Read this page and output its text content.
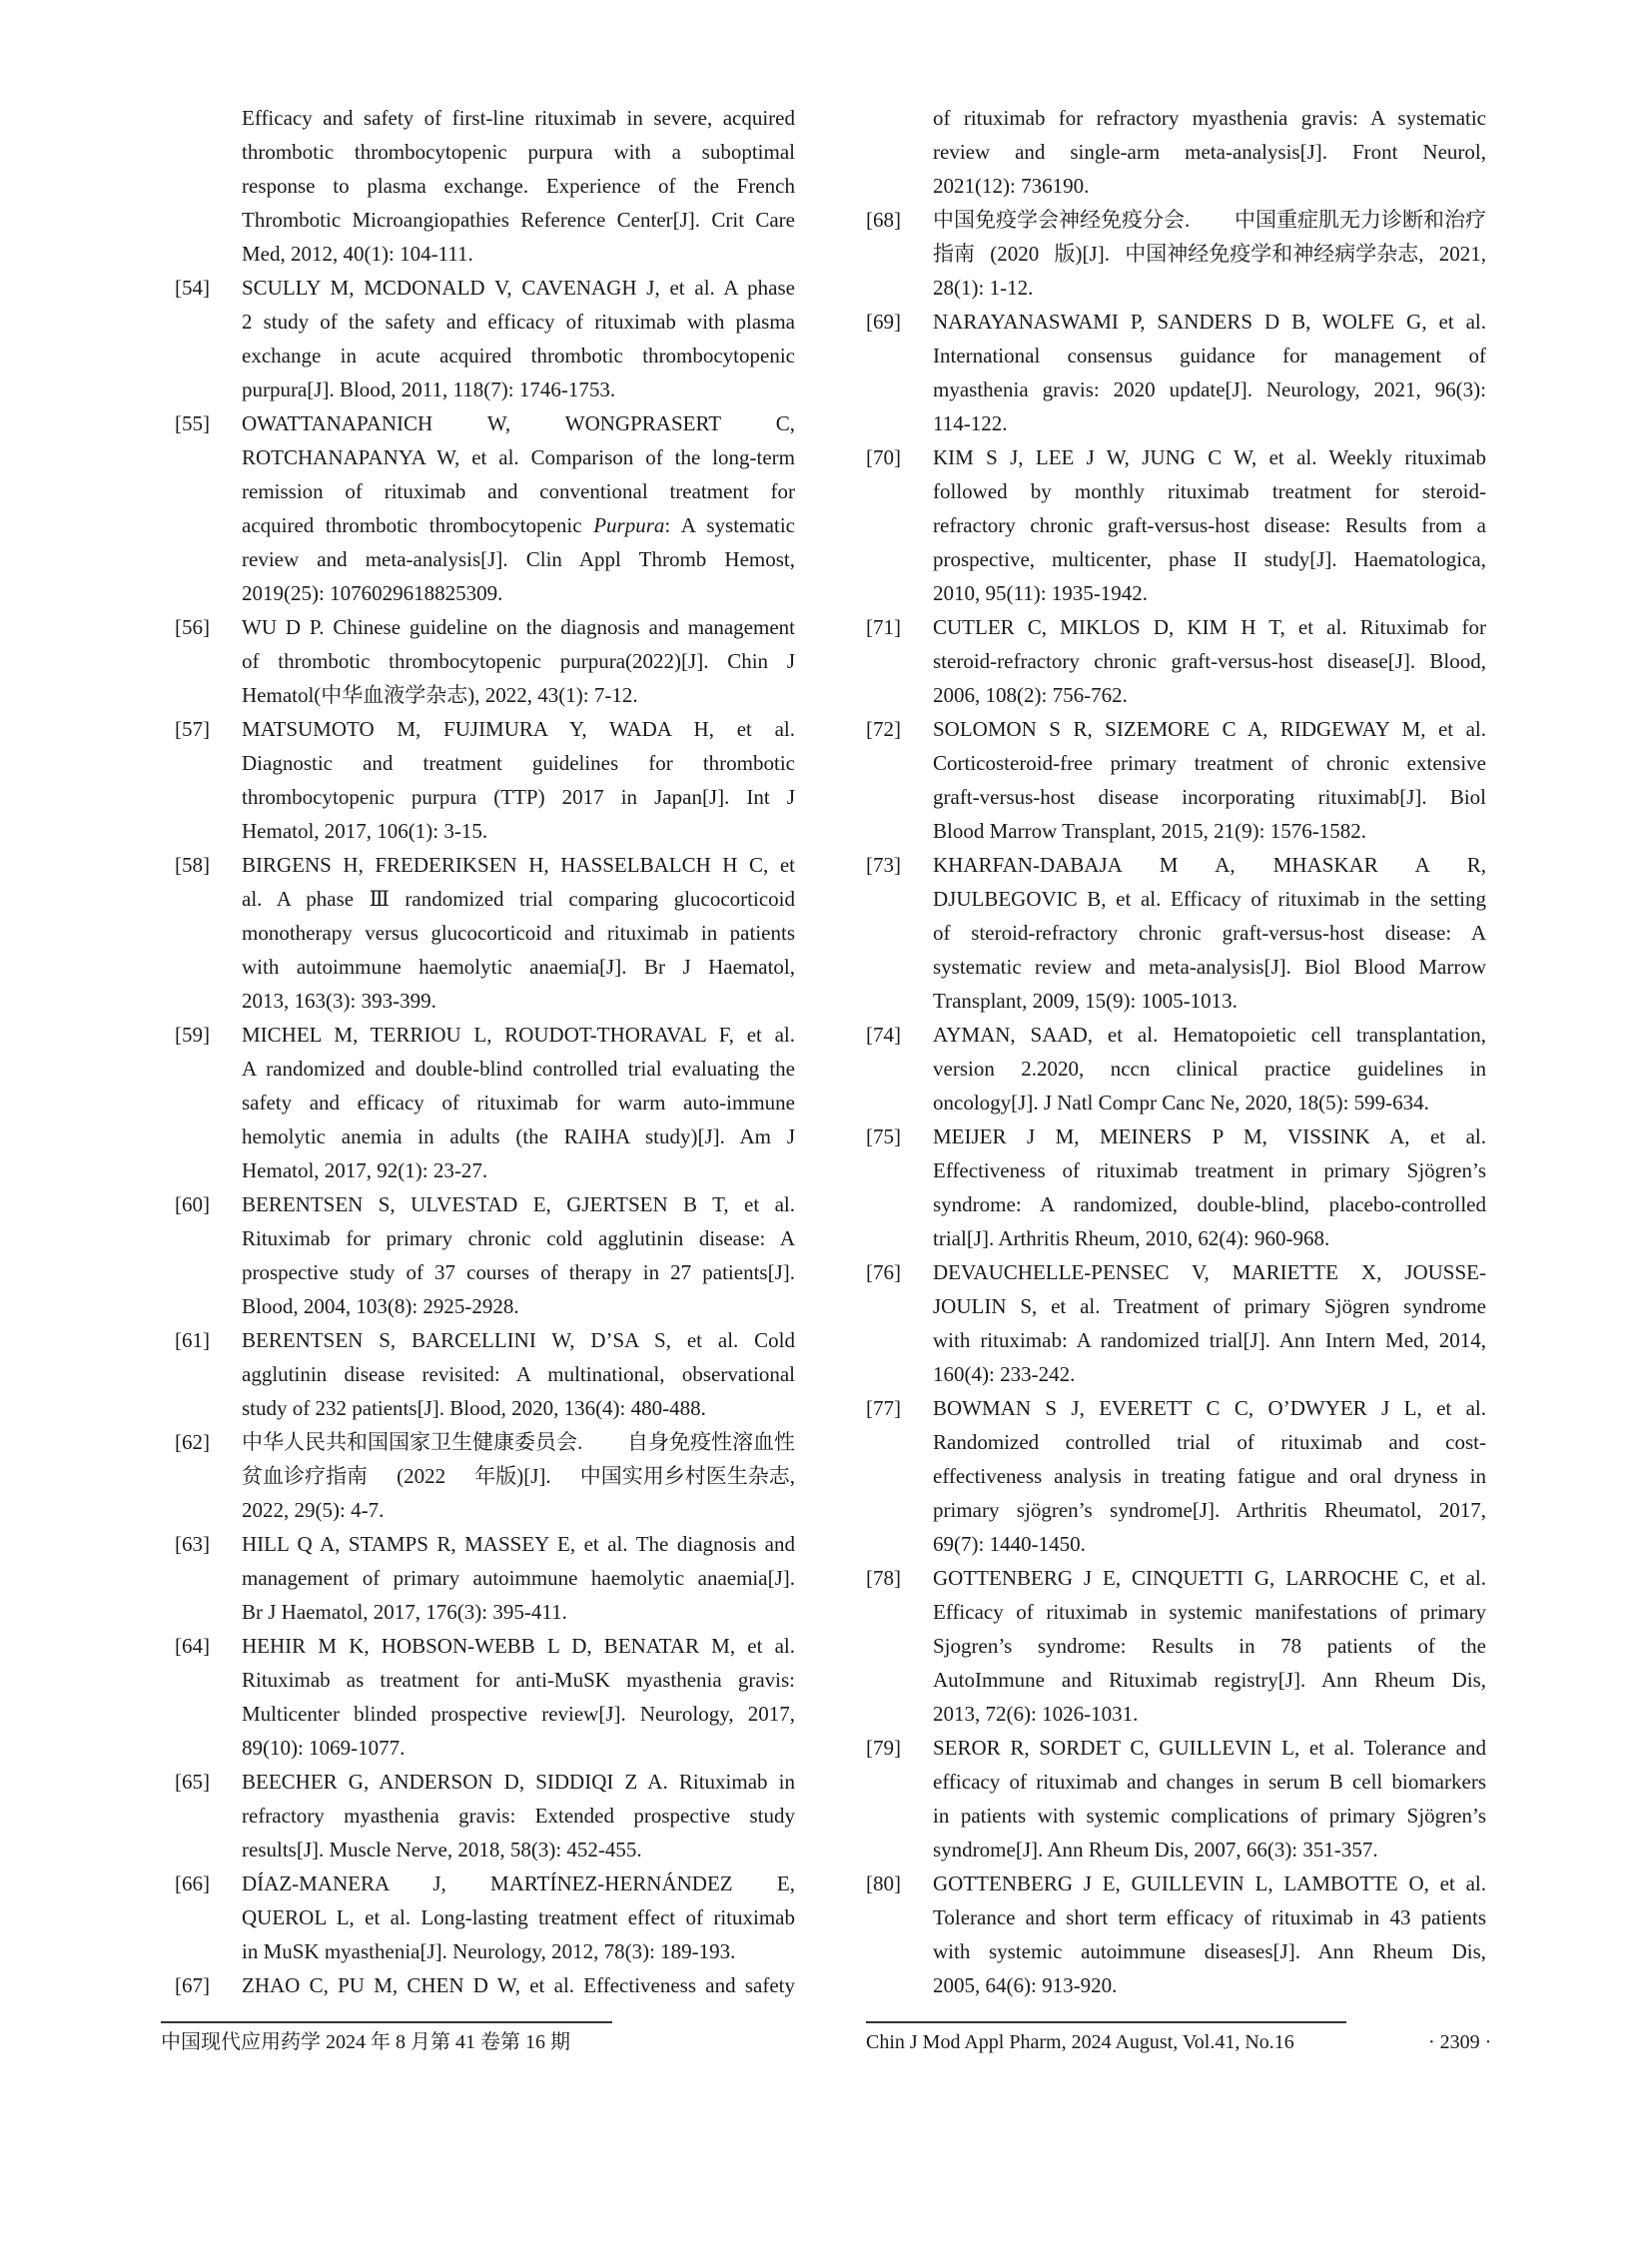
Efficacy and safety of first-line rituximab in severe, acquired
thrombotic thrombocytopenic purpura with a suboptimal
response to plasma exchange. Experience of the French
Thrombotic Microangiopathies Reference Center[J]. Crit Care
Med, 2012, 40(1): 104-111.
[54] SCULLY M, MCDONALD V, CAVENAGH J, et al. A phase
2 study of the safety and efficacy of rituximab with plasma
exchange in acute acquired thrombotic thrombocytopenic
purpura[J]. Blood, 2011, 118(7): 1746-1753.
[55] OWATTANAPANICH W, WONGPRASERT C,
ROTCHANAPANYA W, et al. Comparison of the long-term
remission of rituximab and conventional treatment for
acquired thrombotic thrombocytopenic Purpura: A systematic
review and meta-analysis[J]. Clin Appl Thromb Hemost,
2019(25): 1076029618825309.
[56] WU D P. Chinese guideline on the diagnosis and management
of thrombotic thrombocytopenic purpura(2022)[J]. Chin J
Hematol(中华血液学杂志), 2022, 43(1): 7-12.
[57] MATSUMOTO M, FUJIMURA Y, WADA H, et al.
Diagnostic and treatment guidelines for thrombotic
thrombocytopenic purpura (TTP) 2017 in Japan[J]. Int J
Hematol, 2017, 106(1): 3-15.
[58] BIRGENS H, FREDERIKSEN H, HASSELBALCH H C, et
al. A phase Ⅲ randomized trial comparing glucocorticoid
monotherapy versus glucocorticoid and rituximab in patients
with autoimmune haemolytic anaemia[J]. Br J Haematol,
2013, 163(3): 393-399.
[59] MICHEL M, TERRIOU L, ROUDOT-THORAVAL F, et al.
A randomized and double-blind controlled trial evaluating the
safety and efficacy of rituximab for warm auto-immune
hemolytic anemia in adults (the RAIHA study)[J]. Am J
Hematol, 2017, 92(1): 23-27.
[60] BERENTSEN S, ULVESTAD E, GJERTSEN B T, et al.
Rituximab for primary chronic cold agglutinin disease: A
prospective study of 37 courses of therapy in 27 patients[J].
Blood, 2004, 103(8): 2925-2928.
[61] BERENTSEN S, BARCELLINI W, D’SA S, et al. Cold
agglutinin disease revisited: A multinational, observational
study of 232 patients[J]. Blood, 2020, 136(4): 480-488.
[62] 中华人民共和国国家卫生健康委员会. 自身免疫性溶血性
贫血诊疗指南 (2022 年版)[J]. 中国实用乡村医生杂志,
2022, 29(5): 4-7.
[63] HILL Q A, STAMPS R, MASSEY E, et al. The diagnosis and
management of primary autoimmune haemolytic anaemia[J].
Br J Haematol, 2017, 176(3): 395-411.
[64] HEHIR M K, HOBSON-WEBB L D, BENATAR M, et al.
Rituximab as treatment for anti-MuSK myasthenia gravis:
Multicenter blinded prospective review[J]. Neurology, 2017,
89(10): 1069-1077.
[65] BEECHER G, ANDERSON D, SIDDIQI Z A. Rituximab in
refractory myasthenia gravis: Extended prospective study
results[J]. Muscle Nerve, 2018, 58(3): 452-455.
[66] DÍAZ-MANERA J, MARTÍNEZ-HERNÁNDEZ E,
QUEROL L, et al. Long-lasting treatment effect of rituximab
in MuSK myasthenia[J]. Neurology, 2012, 78(3): 189-193.
[67] ZHAO C, PU M, CHEN D W, et al. Effectiveness and safety
of rituximab for refractory myasthenia gravis: A systematic
review and single-arm meta-analysis[J]. Front Neurol,
2021(12): 736190.
[68] 中国免疫学会神经免疫分会. 中国重症肌无力诊断和治疗
指南 (2020 版)[J]. 中国神经免疫学和神经病学杂志, 2021,
28(1): 1-12.
[69] NARAYANASWAMI P, SANDERS D B, WOLFE G, et al.
International consensus guidance for management of
myasthenia gravis: 2020 update[J]. Neurology, 2021, 96(3):
114-122.
[70] KIM S J, LEE J W, JUNG C W, et al. Weekly rituximab
followed by monthly rituximab treatment for steroid-
refractory chronic graft-versus-host disease: Results from a
prospective, multicenter, phase II study[J]. Haematologica,
2010, 95(11): 1935-1942.
[71] CUTLER C, MIKLOS D, KIM H T, et al. Rituximab for
steroid-refractory chronic graft-versus-host disease[J]. Blood,
2006, 108(2): 756-762.
[72] SOLOMON S R, SIZEMORE C A, RIDGEWAY M, et al.
Corticosteroid-free primary treatment of chronic extensive
graft-versus-host disease incorporating rituximab[J]. Biol
Blood Marrow Transplant, 2015, 21(9): 1576-1582.
[73] KHARFAN-DABAJA M A, MHASKAR A R,
DJULBEGOVIC B, et al. Efficacy of rituximab in the setting
of steroid-refractory chronic graft-versus-host disease: A
systematic review and meta-analysis[J]. Biol Blood Marrow
Transplant, 2009, 15(9): 1005-1013.
[74] AYMAN, SAAD, et al. Hematopoietic cell transplantation,
version 2.2020, nccn clinical practice guidelines in
oncology[J]. J Natl Compr Canc Ne, 2020, 18(5): 599-634.
[75] MEIJER J M, MEINERS P M, VISSINK A, et al.
Effectiveness of rituximab treatment in primary Sjögren’s
syndrome: A randomized, double-blind, placebo-controlled
trial[J]. Arthritis Rheum, 2010, 62(4): 960-968.
[76] DEVAUCHELLE-PENSEC V, MARIETTE X, JOUSSE-
JOULIN S, et al. Treatment of primary Sjögren syndrome
with rituximab: A randomized trial[J]. Ann Intern Med, 2014,
160(4): 233-242.
[77] BOWMAN S J, EVERETT C C, O’DWYER J L, et al.
Randomized controlled trial of rituximab and cost-
effectiveness analysis in treating fatigue and oral dryness in
primary sjögren’s syndrome[J]. Arthritis Rheumatol, 2017,
69(7): 1440-1450.
[78] GOTTENBERG J E, CINQUETTI G, LARROCHE C, et al.
Efficacy of rituximab in systemic manifestations of primary
Sjogren’s syndrome: Results in 78 patients of the
AutoImmune and Rituximab registry[J]. Ann Rheum Dis,
2013, 72(6): 1026-1031.
[79] SEROR R, SORDET C, GUILLEVIN L, et al. Tolerance and
efficacy of rituximab and changes in serum B cell biomarkers
in patients with systemic complications of primary Sjögren’s
syndrome[J]. Ann Rheum Dis, 2007, 66(3): 351-357.
[80] GOTTENBERG J E, GUILLEVIN L, LAMBOTTE O, et al.
Tolerance and short term efficacy of rituximab in 43 patients
with systemic autoimmune diseases[J]. Ann Rheum Dis,
2005, 64(6): 913-920.
中国现代应用药学 2024 年 8 月第 41 卷第 16 期	Chin J Mod Appl Pharm, 2024 August, Vol.41, No.16	· 2309 ·
